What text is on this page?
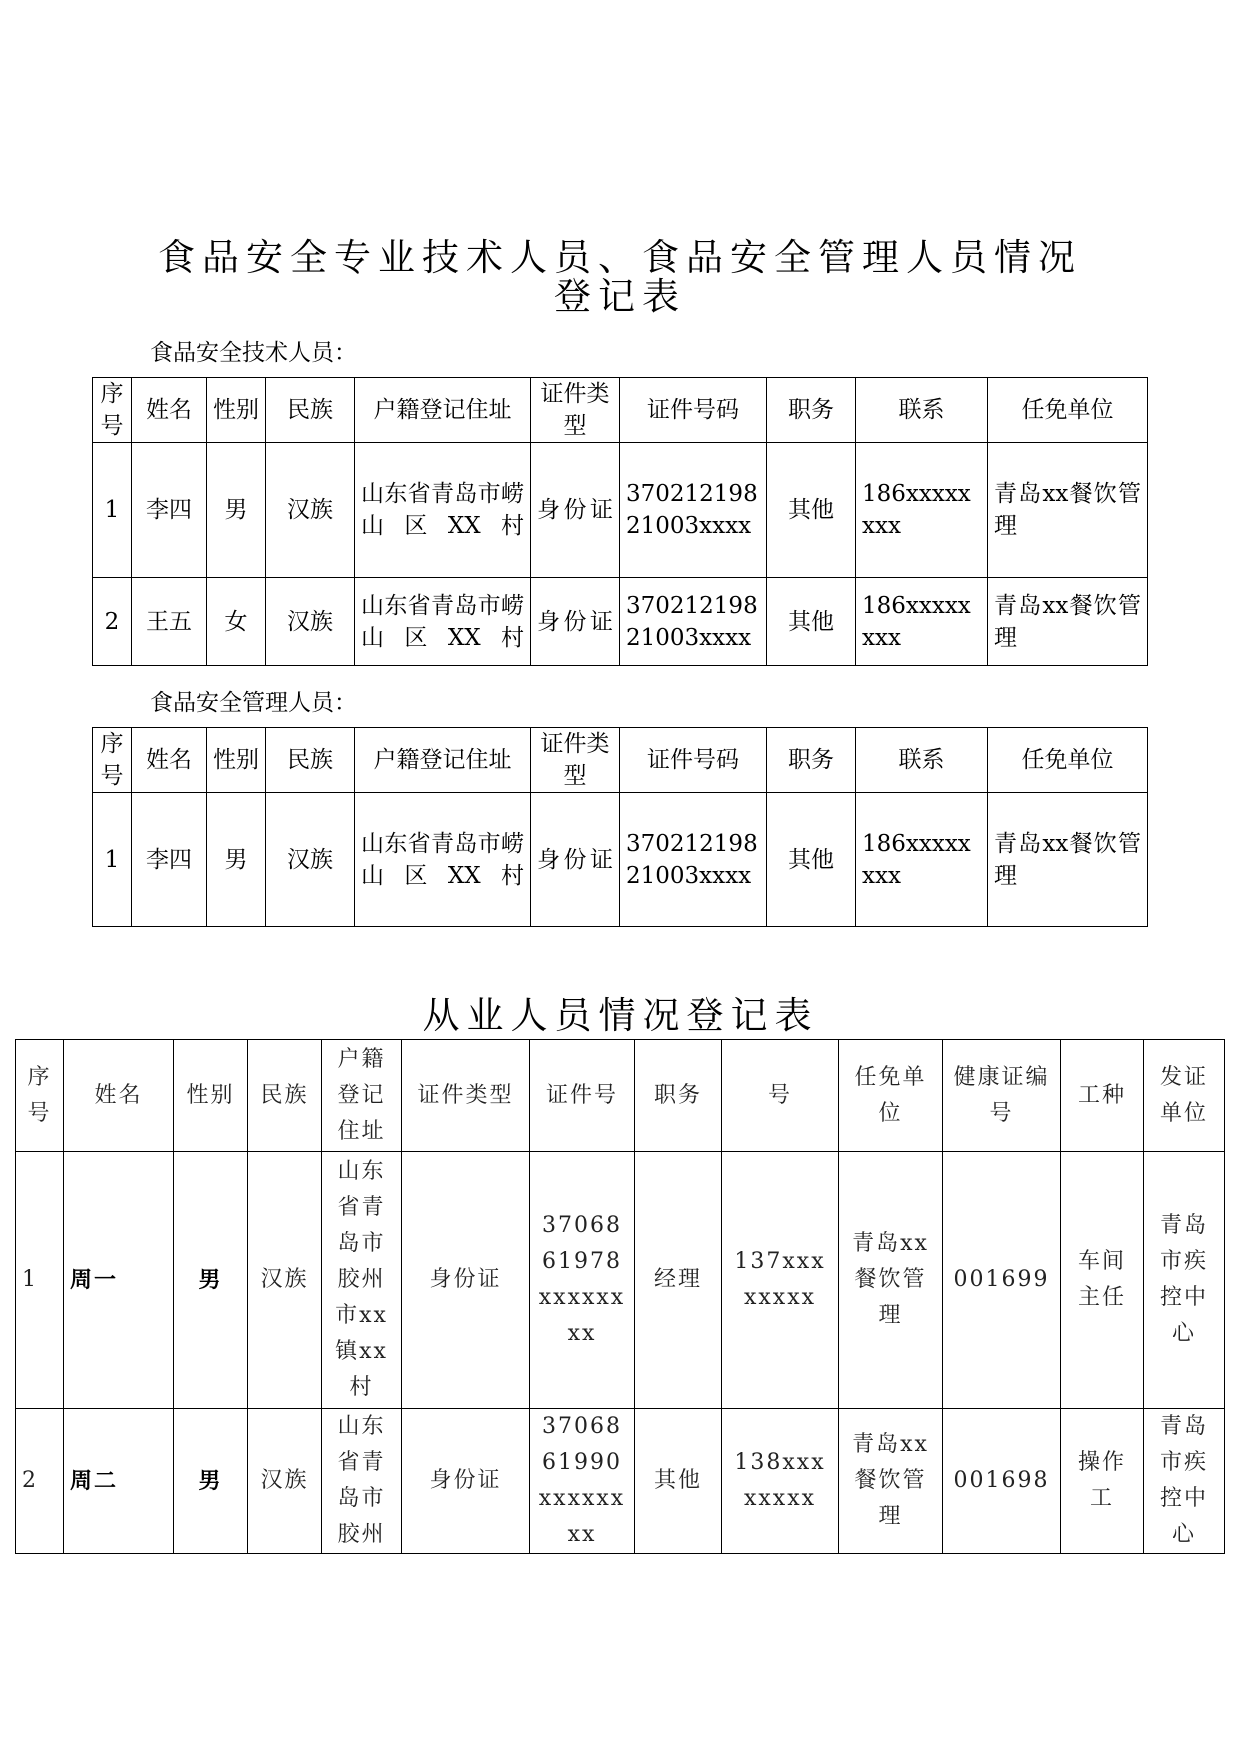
食品安全专业技术人员、食品安全管理人员情况登记表
食品安全技术人员：
序号	姓名	性别	民族	户籍登记住址	证件类型	证件号码	职务	联系	任免单位
1	李四	男	汉族	山东省青岛市崂山区XX村	身份证	37021219821003xxxx	其他	186xxxxxxxx	青岛xx餐饮管理
2	王五	女	汉族	山东省青岛市崂山区XX村	身份证	37021219821003xxxx	其他	186xxxxxxxx	青岛xx餐饮管理
食品安全管理人员：
序号	姓名	性别	民族	户籍登记住址	证件类型	证件号码	职务	联系	任免单位
1	李四	男	汉族	山东省青岛市崂山区XX村	身份证	37021219821003xxxx	其他	186xxxxxxxx	青岛xx餐饮管理
从业人员情况登记表
序号	姓名	性别	民族	户籍登记住址	证件类型	证件号	职务	号	任免单位	健康证编号	工种	发证单位
1	周一	男	汉族	山东省青岛市胶州市xx镇xx村	身份证	3706861978xxxxxxxx	经理	137xxxxxxxx	青岛xx餐饮管理	001699	车间主任	青岛市疾控中心
2	周二	男	汉族	山东省青岛市胶州	身份证	3706861990xxxxxxxx	其他	138xxxxxxxx	青岛xx餐饮管理	001698	操作工	青岛市疾控中心
